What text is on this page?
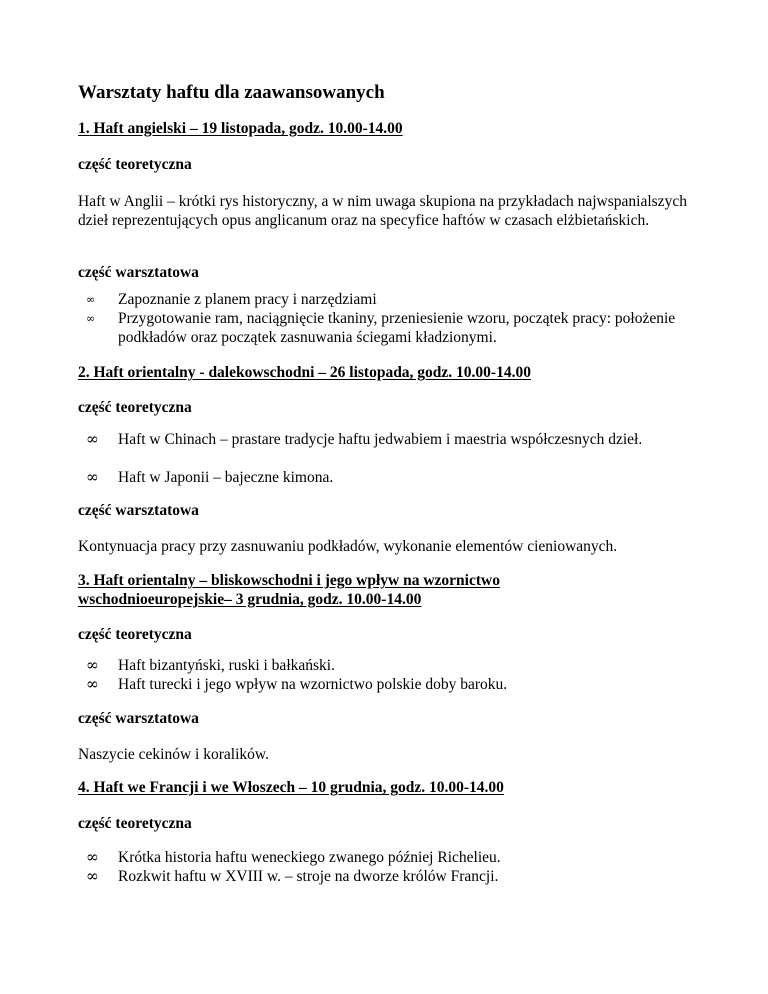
Warsztaty haftu dla zaawansowanych
1. Haft angielski – 19 listopada, godz. 10.00-14.00
część teoretyczna
Haft w Anglii – krótki rys historyczny, a w nim uwaga skupiona na przykładach najwspanialszych dzieł reprezentujących opus anglicanum oraz na specyfice haftów w czasach elżbietańskich.
część warsztatowa
∞	Zapoznanie z planem pracy i narzędziami
∞	Przygotowanie ram, naciągnięcie tkaniny, przeniesienie wzoru, początek pracy: położenie podkładów oraz początek zasnuwania ściegami kładzionymi.
2. Haft orientalny - dalekowschodni – 26 listopada, godz. 10.00-14.00
część teoretyczna
∞	Haft w Chinach – prastare tradycje haftu jedwabiem i maestria współczesnych dzieł.
∞	Haft w Japonii – bajeczne kimona.
część warsztatowa
Kontynuacja pracy przy zasnuwaniu podkładów, wykonanie elementów cieniowanych.
3. Haft orientalny – bliskowschodni i jego wpływ na wzornictwo
wschodnioeuropejskie– 3 grudnia, godz. 10.00-14.00
część teoretyczna
∞	Haft bizantyński, ruski i bałkański.
∞	Haft turecki i jego wpływ na wzornictwo polskie doby baroku.
część warsztatowa
Naszycie cekinów i koralików.
4. Haft we Francji i we Włoszech – 10 grudnia, godz. 10.00-14.00
część teoretyczna
∞	Krótka historia haftu weneckiego zwanego później Richelieu.
∞	Rozkwit haftu w XVIII w. – stroje na dworze królów Francji.
